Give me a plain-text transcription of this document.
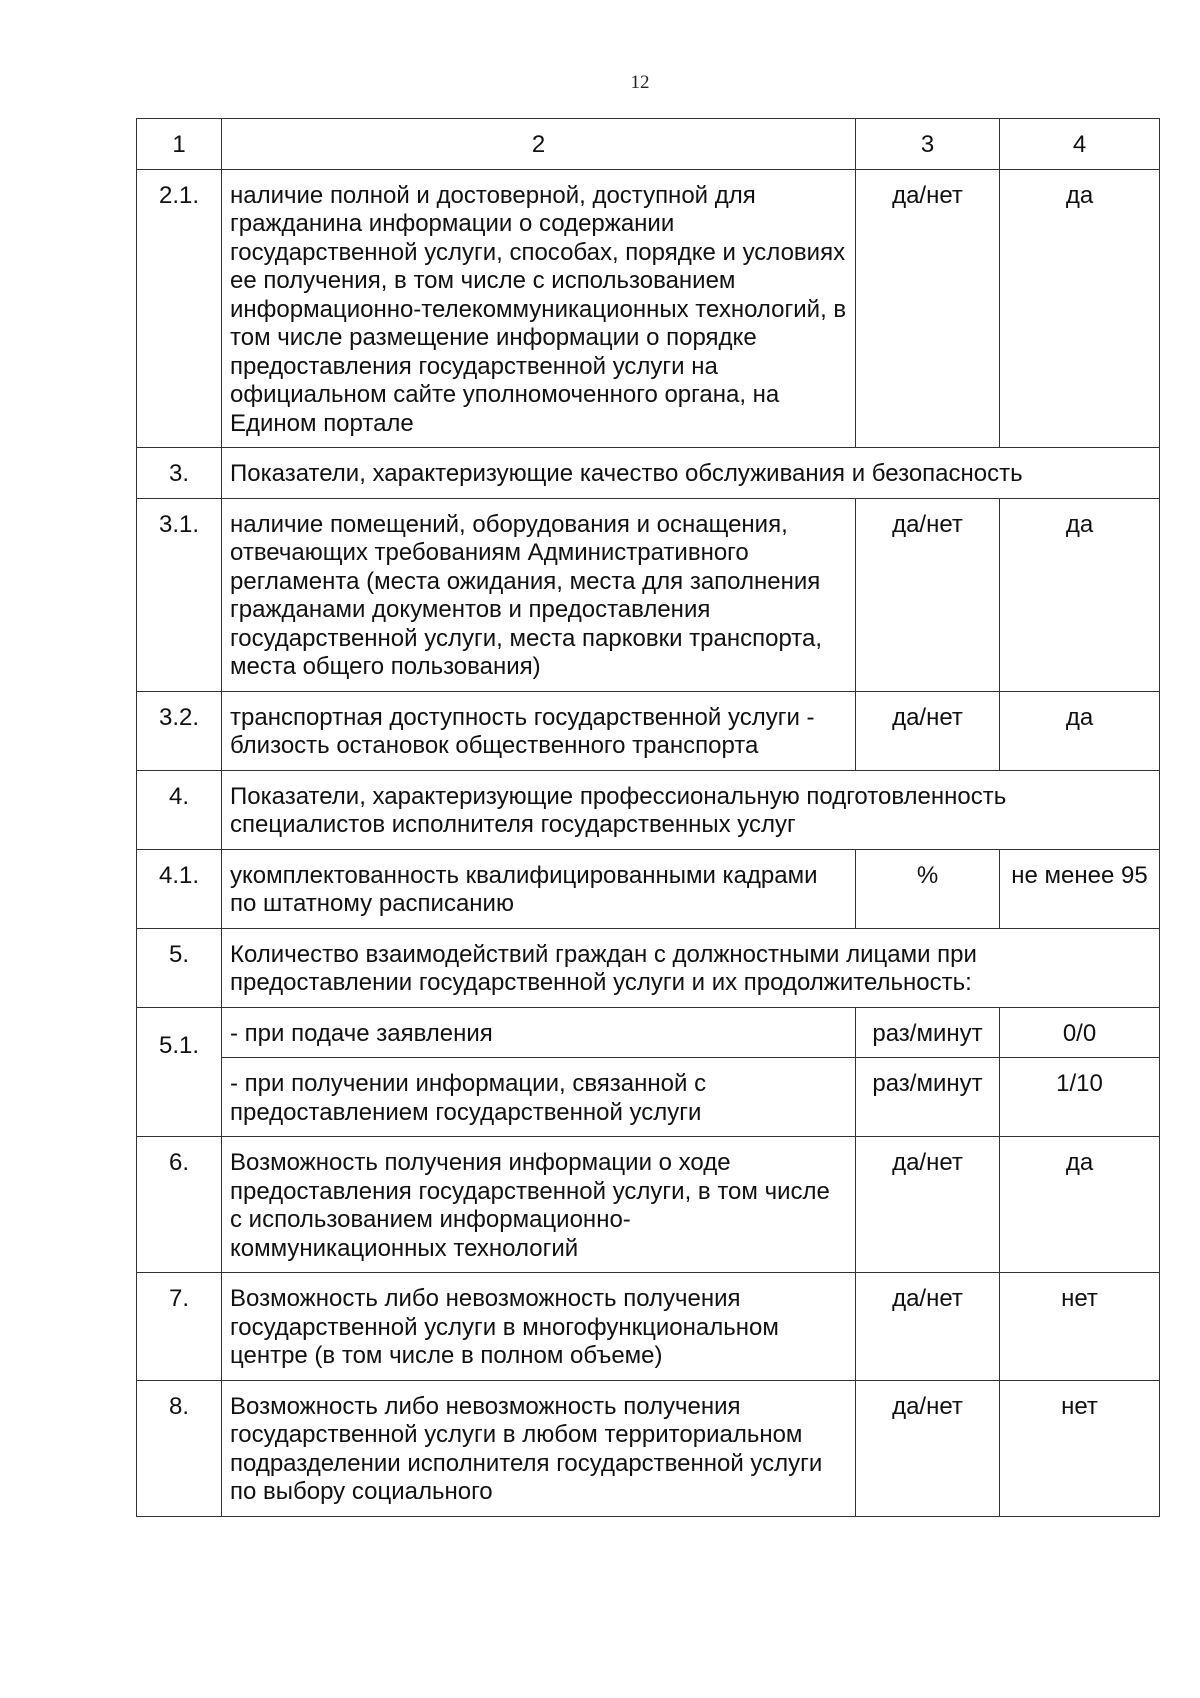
12
1	2	3	4
2.1.	наличие полной и достоверной, доступной для гражданина информации о содержании государственной услуги, способах, порядке и условиях ее получения, в том числе с использованием информационно-телекоммуникационных технологий, в том числе размещение информации о порядке предоставления государственной услуги на официальном сайте уполномоченного органа, на Едином портале	да/нет	да
3.	Показатели, характеризующие качество обслуживания и безопасность		
3.1.	наличие помещений, оборудования и оснащения, отвечающих требованиям Административного регламента (места ожидания, места для заполнения гражданами документов и предоставления государственной услуги, места парковки транспорта, места общего пользования)	да/нет	да
3.2.	транспортная доступность государственной услуги - близость остановок общественного транспорта	да/нет	да
4.	Показатели, характеризующие профессиональную подготовленность специалистов исполнителя государственных услуг		
4.1.	укомплектованность квалифицированными кадрами по штатному расписанию	%	не менее 95
5.	Количество взаимодействий граждан с должностными лицами при предоставлении государственной услуги и их продолжительность:		
5.1.	- при подаче заявления	раз/минут	0/0
	- при получении информации, связанной с предоставлением государственной услуги	раз/минут	1/10
6.	Возможность получения информации о ходе предоставления государственной услуги, в том числе с использованием информационно-коммуникационных технологий	да/нет	да
7.	Возможность либо невозможность получения государственной услуги в многофункциональном центре (в том числе в полном объеме)	да/нет	нет
8.	Возможность либо невозможность получения государственной услуги в любом территориальном подразделении исполнителя государственной услуги по выбору социального	да/нет	нет
